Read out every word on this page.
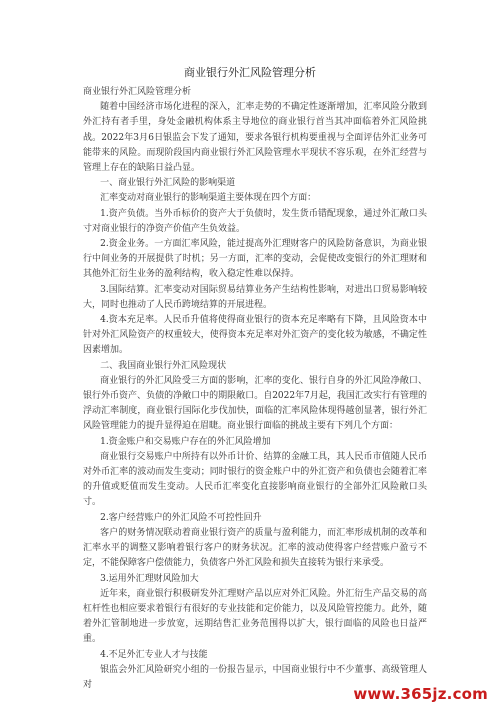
商业银行外汇风险管理分析

商业银行外汇风险管理分析

随着中国经济市场化进程的深入，汇率走势的不确定性逐渐增加，汇率风险分散到外汇持有者手里，身处金融机构体系主导地位的商业银行首当其冲面临着外汇风险挑战。2022年3月6日银监会下发了通知，要求各银行机构要重视与全面评估外汇业务可能带来的风险。而现阶段国内商业银行外汇风险管理水平现状不容乐观，在外汇经营与管理上存在的缺陷日益凸显。

一、商业银行外汇风险的影响渠道

汇率变动对商业银行的影响渠道主要体现在四个方面：

1.资产负债。当外币标价的资产大于负债时，发生货币错配现象，通过外汇敞口头寸对商业银行的净资产价值产生负效益。

2.资金业务。一方面汇率风险，能过提高外汇理财客户的风险防备意识，为商业银行中间业务的开展提供了时机；另一方面，汇率的变动，会促使改变银行的外汇理财和其他外汇衍生业务的盈利结构，收入稳定性难以保持。

3.国际结算。汇率变动对国际贸易结算业务产生结构性影响，对进出口贸易影响较大，同时也推动了人民币跨境结算的开展进程。

4.资本充足率。人民币升值将使得商业银行的资本充足率略有下降，且风险资本中针对外汇风险资产的权重较大，使得资本充足率对外汇资产的变化较为敏感，不确定性因素增加。

二、我国商业银行外汇风险现状

商业银行的外汇风险受三方面的影响，汇率的变化、银行自身的外汇风险净敞口、银行外币资产、负债的净敞口中的期限敞口。自2022年7月起，我国汇改实行有管理的浮动汇率制度，商业银行国际化步伐加快，面临的汇率风险体现得越创显著，银行外汇风险管理能力的提升显得迫在眉睫。商业银行面临的挑战主要有下列几个方面：

1.资金账户和交易账户存在的外汇风险增加

商业银行交易账户中所持有以外币计价、结算的金融工具，其人民币市值随人民币对外币汇率的波动而发生变动；同时银行的资金账户中的外汇资产和负债也会随着汇率的升值或贬值而发生变动。人民币汇率变化直接影响商业银行的全部外汇风险敞口头寸。

2.客户经营账户的外汇风险不可控性回升

客户的财务情况联动着商业银行资产的质量与盈利能力，而汇率形成机制的改革和汇率水平的调整又影响着银行客户的财务状况。汇率的波动使得客户经营账户盈亏不定，不能保障客户偿债能力，负债客户外汇风险和损失直接转为银行来承受。

3.运用外汇理财风险加大

近年来，商业银行积极研发外汇理财产品以应对外汇风险。外汇衍生产品交易的高杠杆性也相应要求着银行有很好的专业技能和定价能力，以及风险管控能力。此外，随着外汇管制地进一步放宽，远期结售汇业务范围得以扩大，银行面临的风险也日益严重。

4.不足外汇专业人才与技能

银监会外汇风险研究小组的一份报告显示，中国商业银行中不少董事、高级管理人对

www.365jz.com
